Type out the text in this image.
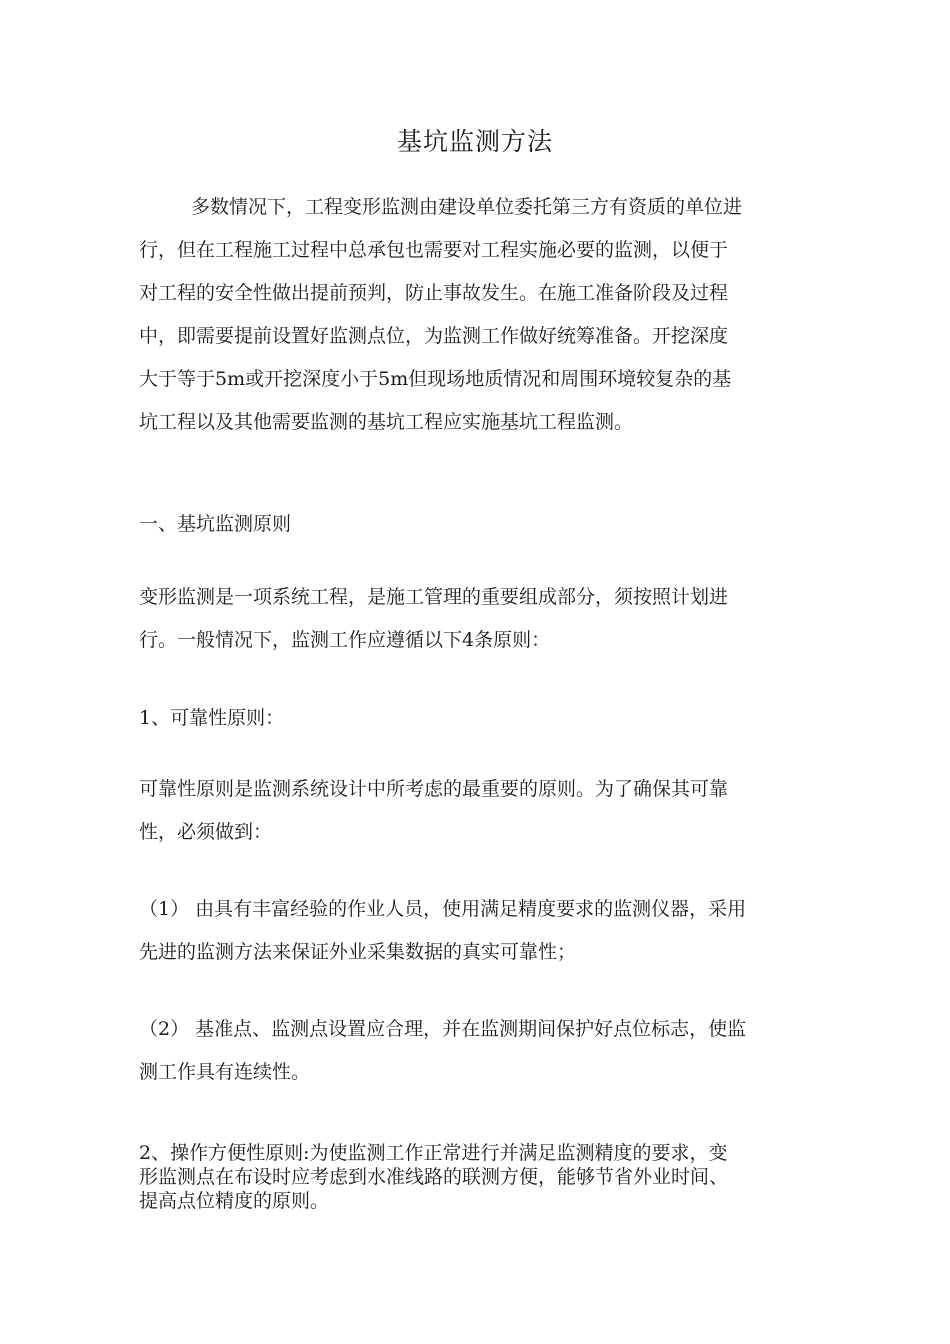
基坑监测方法
多数情况下，工程变形监测由建设单位委托第三方有资质的单位进
行，但在工程施工过程中总承包也需要对工程实施必要的监测，以便于
对工程的安全性做出提前预判，防止事故发生。在施工准备阶段及过程
中，即需要提前设置好监测点位，为监测工作做好统筹准备。开挖深度
大于等于5m或开挖深度小于5m但现场地质情况和周围环境较复杂的基
坑工程以及其他需要监测的基坑工程应实施基坑工程监测。
一、基坑监测原则
变形监测是一项系统工程，是施工管理的重要组成部分，须按照计划进
行。一般情况下，监测工作应遵循以下4条原则：
1、可靠性原则：
可靠性原则是监测系统设计中所考虑的最重要的原则。为了确保其可靠
性，必须做到：
（1） 由具有丰富经验的作业人员，使用满足精度要求的监测仪器，采用
先进的监测方法来保证外业采集数据的真实可靠性；
（2） 基准点、监测点设置应合理，并在监测期间保护好点位标志，使监
测工作具有连续性。
2、操作方便性原则:为使监测工作正常进行并满足监测精度的要求，变
形监测点在布设时应考虑到水准线路的联测方便，能够节省外业时间、
提高点位精度的原则。
